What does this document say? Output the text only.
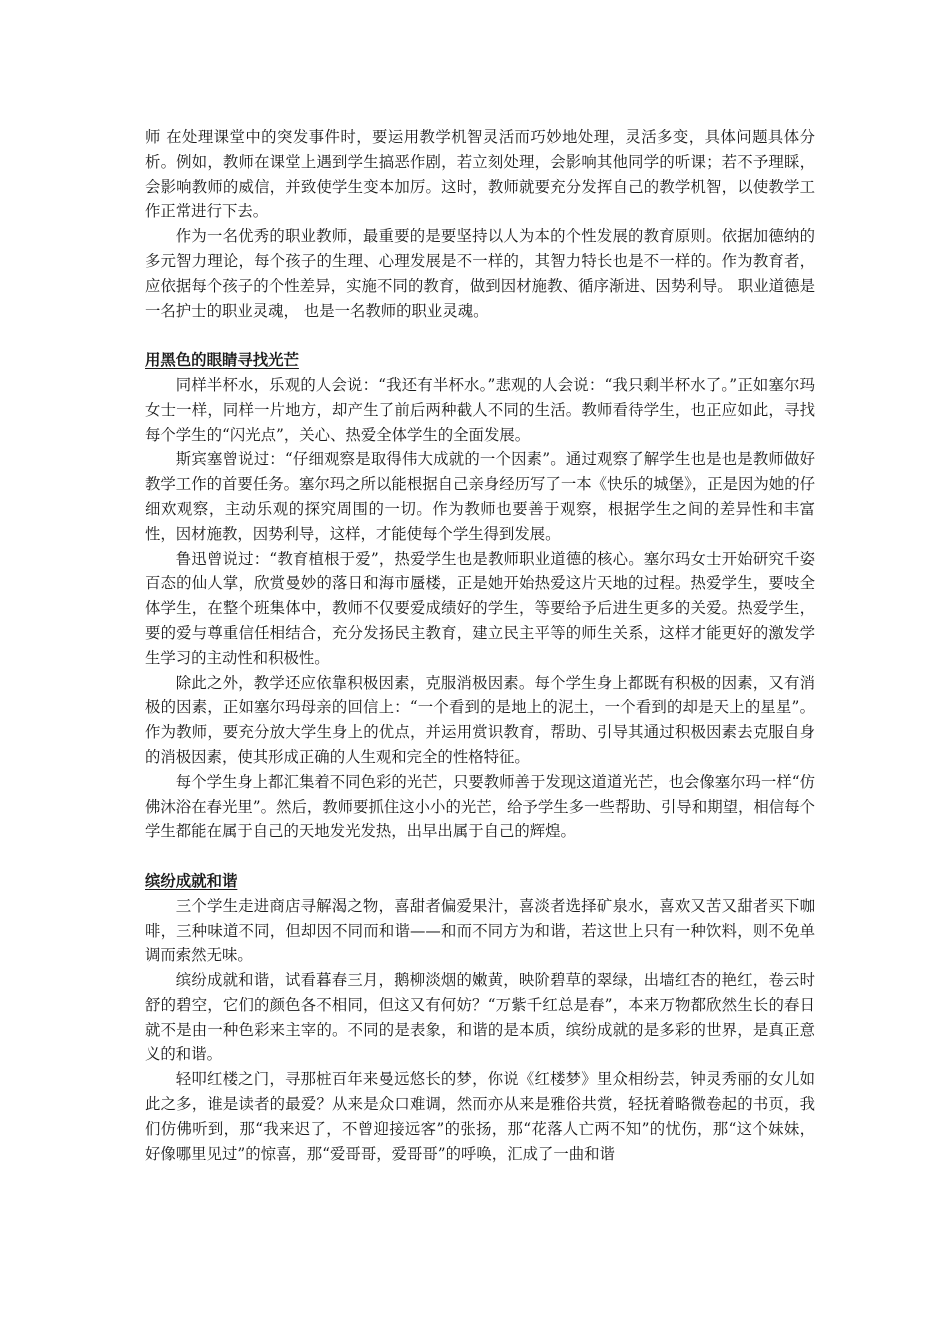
师 在处理课堂中的突发事件时，要运用教学机智灵活而巧妙地处理，灵活多变，具体问题具体分析。例如，教师在课堂上遇到学生搞恶作剧，若立刻处理，会影响其他同学的听课；若不予理睬，会影响教师的威信，并致使学生变本加厉。这时，教师就要充分发挥自己的教学机智，以使教学工作正常进行下去。

作为一名优秀的职业教师，最重要的是要坚持以人为本的个性发展的教育原则。依据加德纳的多元智力理论，每个孩子的生理、心理发展是不一样的，其智力特长也是不一样的。作为教育者，应依据每个孩子的个性差异，实施不同的教育，做到因材施教、循序渐进、因势利导。 职业道德是一名护士的职业灵魂， 也是一名教师的职业灵魂。

用黑色的眼睛寻找光芒

同样半杯水，乐观的人会说：“我还有半杯水。”悲观的人会说：“我只剩半杯水了。”正如塞尔玛女士一样，同样一片地方，却产生了前后两种截人不同的生活。教师看待学生，也正应如此，寻找每个学生的“闪光点”，关心、热爱全体学生的全面发展。

斯宾塞曾说过：“仔细观察是取得伟大成就的一个因素”。通过观察了解学生也是也是教师做好教学工作的首要任务。塞尔玛之所以能根据自己亲身经历写了一本《快乐的城堡》，正是因为她的仔细欢观察，主动乐观的探究周围的一切。作为教师也要善于观察，根据学生之间的差异性和丰富性，因材施教，因势利导，这样，才能使每个学生得到发展。

鲁迅曾说过：“教育植根于爱”，热爱学生也是教师职业道德的核心。塞尔玛女士开始研究千姿百态的仙人掌，欣赏曼妙的落日和海市蜃楼，正是她开始热爱这片天地的过程。热爱学生，要吱全体学生，在整个班集体中，教师不仅要爱成绩好的学生，等要给予后进生更多的关爱。热爱学生，要的爱与尊重信任相结合，充分发扬民主教育，建立民主平等的师生关系，这样才能更好的激发学生学习的主动性和积极性。

除此之外，教学还应依靠积极因素，克服消极因素。每个学生身上都既有积极的因素，又有消极的因素，正如塞尔玛母亲的回信上：“一个看到的是地上的泥土，一个看到的却是天上的星星”。作为教师，要充分放大学生身上的优点，并运用赏识教育，帮助、引导其通过积极因素去克服自身的消极因素，使其形成正确的人生观和完全的性格特征。

每个学生身上都汇集着不同色彩的光芒，只要教师善于发现这道道光芒，也会像塞尔玛一样“仿佛沐浴在春光里”。然后，教师要抓住这小小的光芒，给予学生多一些帮助、引导和期望，相信每个学生都能在属于自己的天地发光发热，出早出属于自己的辉煌。

缤纷成就和谐

三个学生走进商店寻解渴之物，喜甜者偏爱果汁，喜淡者选择矿泉水，喜欢又苦又甜者买下咖啡，三种味道不同，但却因不同而和谐——和而不同方为和谐，若这世上只有一种饮料，则不免单调而索然无味。

缤纷成就和谐，试看暮春三月，鹅柳淡烟的嫩黄，映阶碧草的翠绿，出墙红杏的艳红，卷云时舒的碧空，它们的颜色各不相同，但这又有何妨？“万紫千红总是春”，本来万物都欣然生长的春日就不是由一种色彩来主宰的。不同的是表象，和谐的是本质，缤纷成就的是多彩的世界，是真正意义的和谐。

轻叩红楼之门，寻那桩百年来曼远悠长的梦，你说《红楼梦》里众相纷芸，钟灵秀丽的女儿如此之多，谁是读者的最爱？从来是众口难调，然而亦从来是雅俗共赏，轻抚着略微卷起的书页，我们仿佛听到，那“我来迟了，不曾迎接远客”的张扬，那“花落人亡两不知”的忧伤，那“这个妹妹，好像哪里见过”的惊喜，那“爱哥哥，爱哥哥”的呼唤，汇成了一曲和谐
